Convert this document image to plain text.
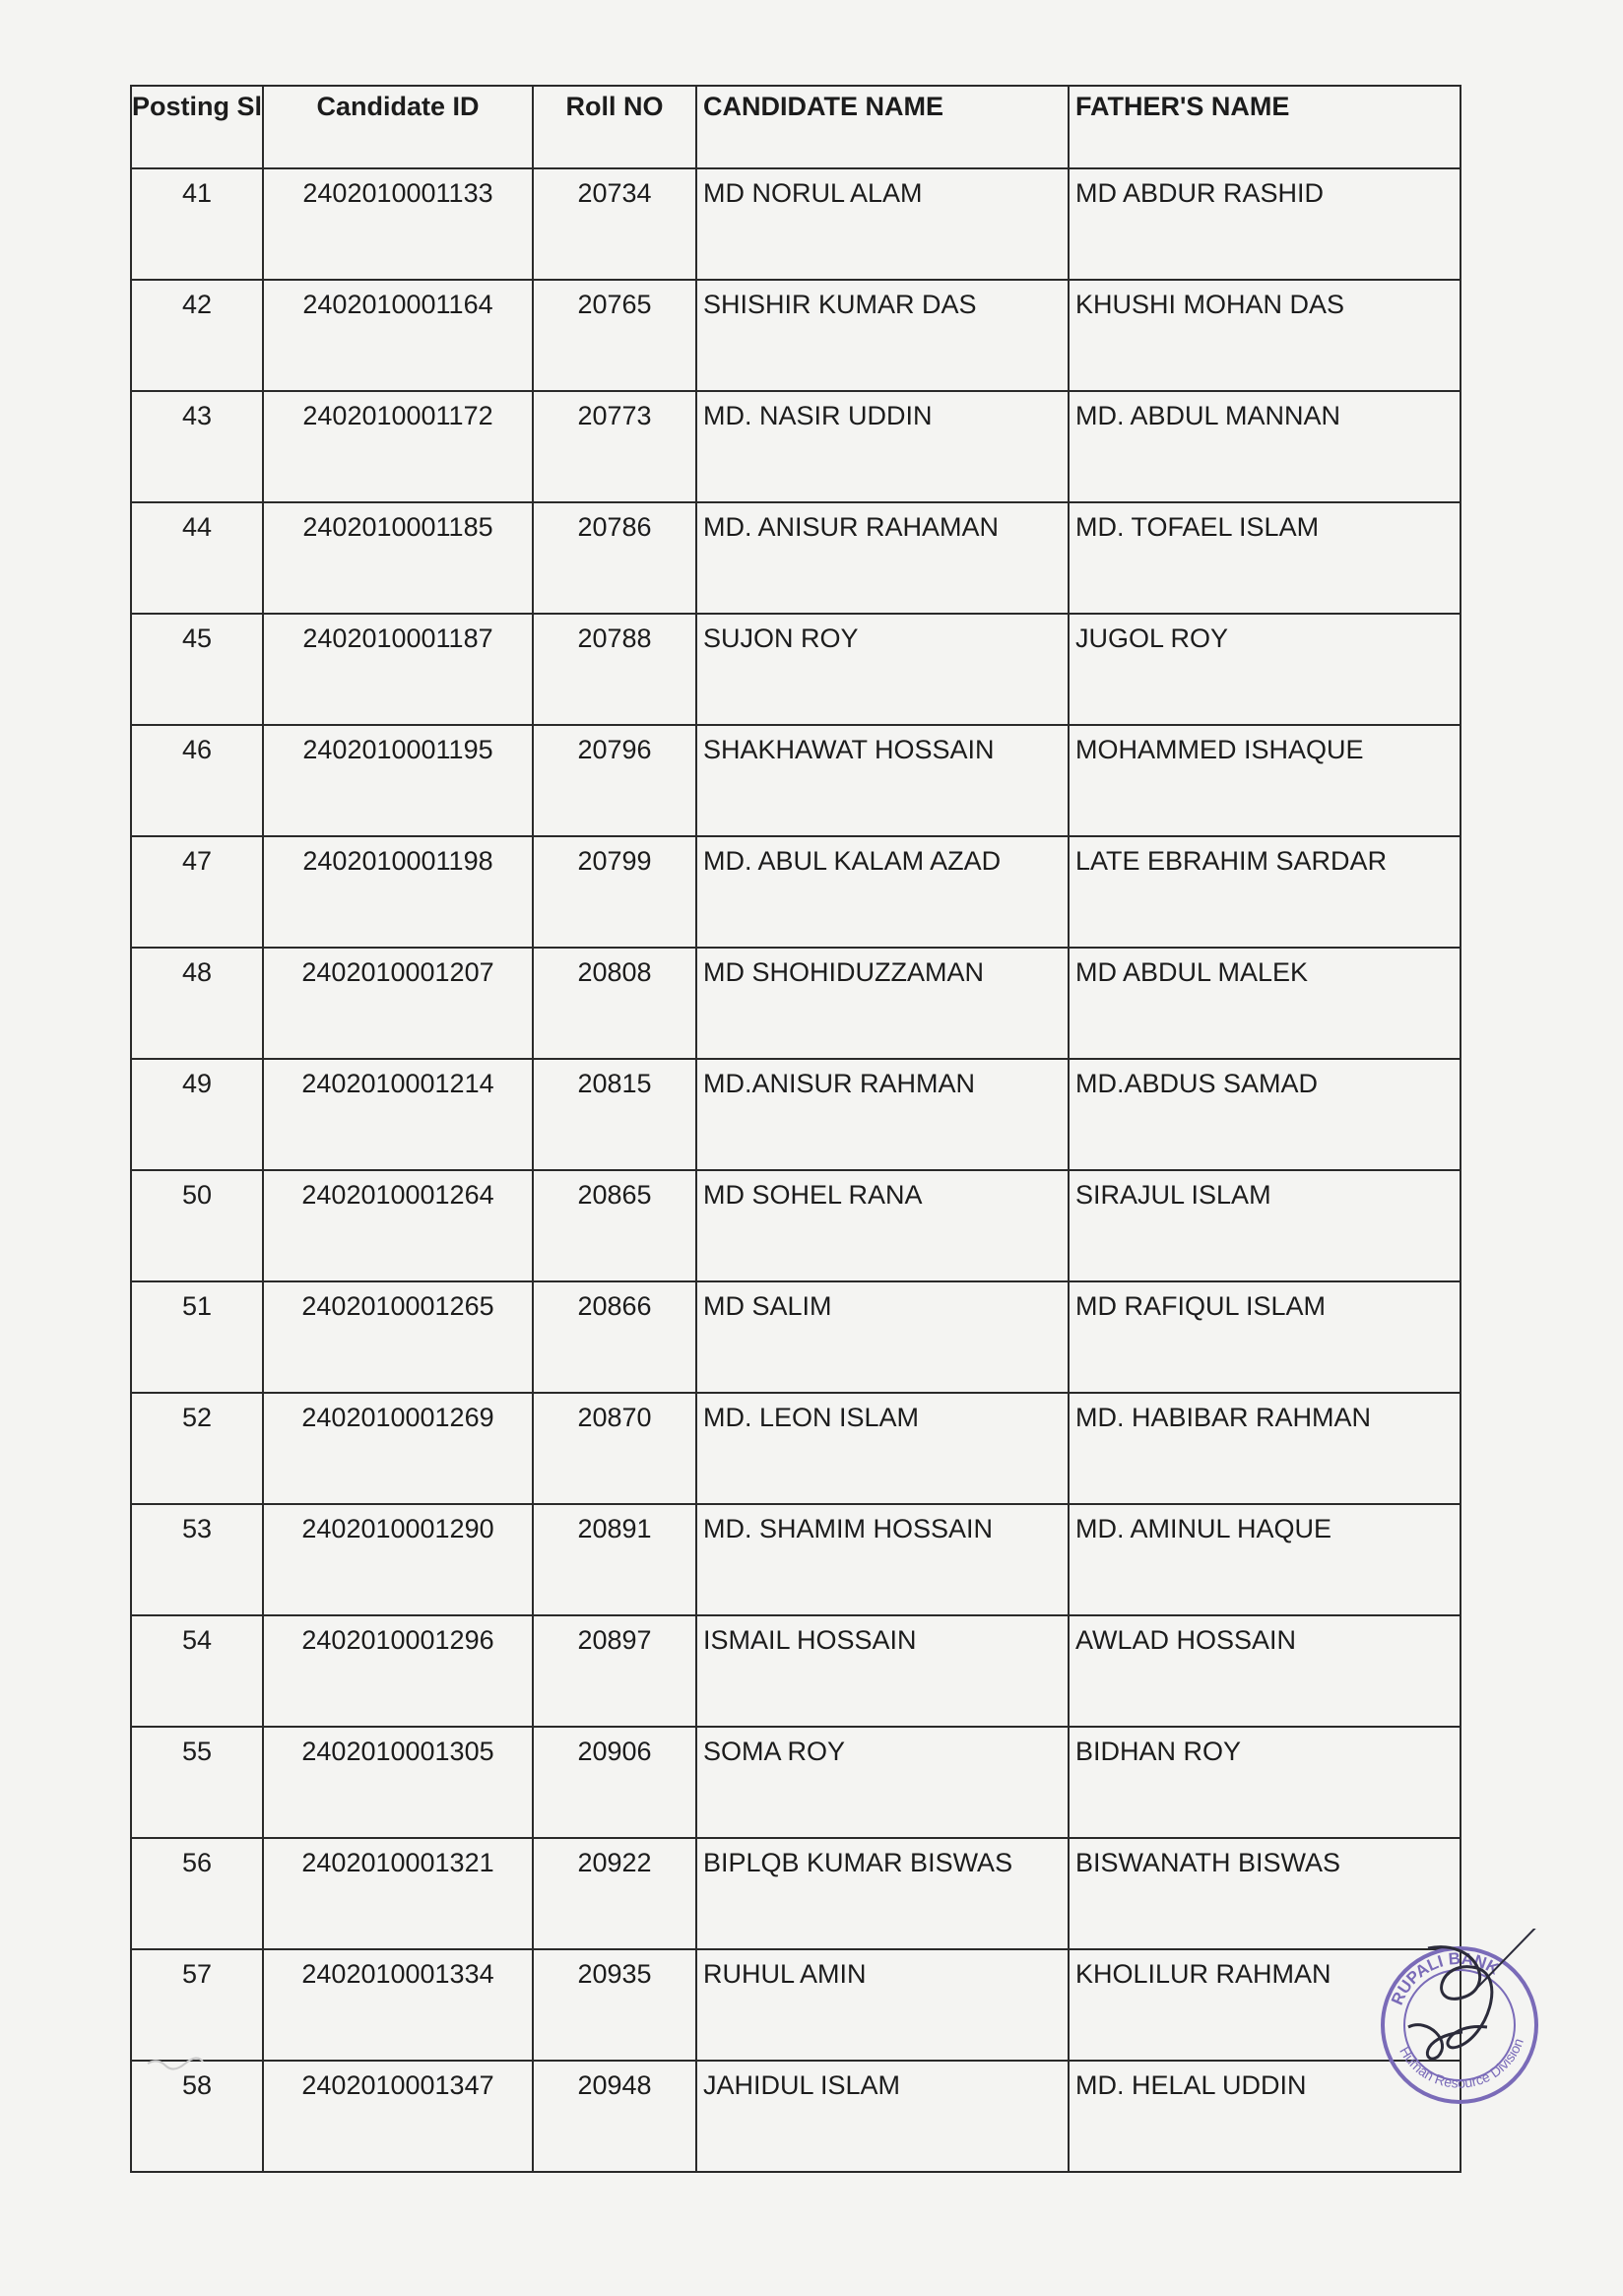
Posting Sl	Candidate ID	Roll NO	CANDIDATE NAME	FATHER'S NAME
41	2402010001133	20734	MD NORUL ALAM	MD ABDUR RASHID
42	2402010001164	20765	SHISHIR KUMAR DAS	KHUSHI MOHAN DAS
43	2402010001172	20773	MD. NASIR UDDIN	MD. ABDUL MANNAN
44	2402010001185	20786	MD. ANISUR RAHAMAN	MD. TOFAEL ISLAM
45	2402010001187	20788	SUJON ROY	JUGOL ROY
46	2402010001195	20796	SHAKHAWAT HOSSAIN	MOHAMMED ISHAQUE
47	2402010001198	20799	MD. ABUL KALAM AZAD	LATE EBRAHIM SARDAR
48	2402010001207	20808	MD SHOHIDUZZAMAN	MD ABDUL MALEK
49	2402010001214	20815	MD.ANISUR RAHMAN	MD.ABDUS SAMAD
50	2402010001264	20865	MD SOHEL RANA	SIRAJUL ISLAM
51	2402010001265	20866	MD SALIM	MD RAFIQUL ISLAM
52	2402010001269	20870	MD. LEON ISLAM	MD. HABIBAR RAHMAN
53	2402010001290	20891	MD. SHAMIM HOSSAIN	MD. AMINUL HAQUE
54	2402010001296	20897	ISMAIL HOSSAIN	AWLAD HOSSAIN
55	2402010001305	20906	SOMA ROY	BIDHAN ROY
56	2402010001321	20922	BIPLQB KUMAR BISWAS	BISWANATH BISWAS
57	2402010001334	20935	RUHUL AMIN	KHOLILUR RAHMAN
58	2402010001347	20948	JAHIDUL ISLAM	MD. HELAL UDDIN
RUPALI BANK
Human Resource Division
